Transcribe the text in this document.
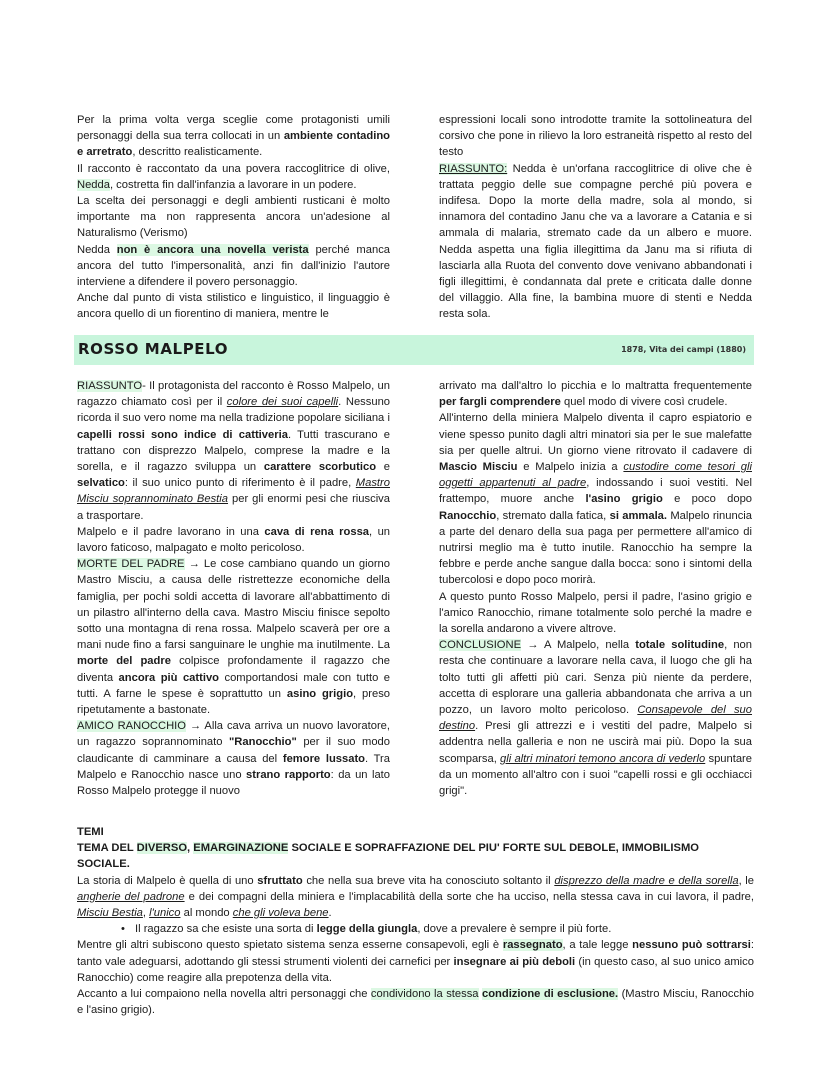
Per la prima volta verga sceglie come protagonisti umili personaggi della sua terra collocati in un ambiente contadino e arretrato, descritto realisticamente.

Il racconto è raccontato da una povera raccoglitrice di olive, Nedda, costretta fin dall'infanzia a lavorare in un podere.

La scelta dei personaggi e degli ambienti rusticani è molto importante ma non rappresenta ancora un'adesione al Naturalismo (Verismo)

Nedda non è ancora una novella verista perché manca ancora del tutto l'impersonalità, anzi fin dall'inizio l'autore interviene a difendere il povero personaggio.

Anche dal punto di vista stilistico e linguistico, il linguaggio è ancora quello di un fiorentino di maniera, mentre le

espressioni locali sono introdotte tramite la sottolineatura del corsivo che pone in rilievo la loro estraneità rispetto al resto del testo

RIASSUNTO: Nedda è un'orfana raccoglitrice di olive che è trattata peggio delle sue compagne perché più povera e indifesa. Dopo la morte della madre, sola al mondo, si innamora del contadino Janu che va a lavorare a Catania e si ammala di malaria, stremato cade da un albero e muore. Nedda aspetta una figlia illegittima da Janu ma si rifiuta di lasciarla alla Ruota del convento dove venivano abbandonati i figli illegittimi, è condannata dal prete e criticata dalle donne del villaggio. Alla fine, la bambina muore di stenti e Nedda resta sola.

ROSSO MALPELO	1878, Vita dei campi (1880)

RIASSUNTO- Il protagonista del racconto è Rosso Malpelo, un ragazzo chiamato così per il colore dei suoi capelli. Nessuno ricorda il suo vero nome ma nella tradizione popolare siciliana i capelli rossi sono indice di cattiveria. Tutti trascurano e trattano con disprezzo Malpelo, comprese la madre e la sorella, e il ragazzo sviluppa un carattere scorbutico e selvatico: il suo unico punto di riferimento è il padre, Mastro Misciu soprannominato Bestia per gli enormi pesi che riusciva a trasportare.

Malpelo e il padre lavorano in una cava di rena rossa, un lavoro faticoso, malpagato e molto pericoloso.

MORTE DEL PADRE → Le cose cambiano quando un giorno Mastro Misciu, a causa delle ristrettezze economiche della famiglia, per pochi soldi accetta di lavorare all'abbattimento di un pilastro all'interno della cava. Mastro Misciu finisce sepolto sotto una montagna di rena rossa. Malpelo scaverà per ore a mani nude fino a farsi sanguinare le unghie ma inutilmente. La morte del padre colpisce profondamente il ragazzo che diventa ancora più cattivo comportandosi male con tutto e tutti. A farne le spese è soprattutto un asino grigio, preso ripetutamente a bastonate.

AMICO RANOCCHIO → Alla cava arriva un nuovo lavoratore, un ragazzo soprannominato "Ranocchio" per il suo modo claudicante di camminare a causa del femore lussato. Tra Malpelo e Ranocchio nasce uno strano rapporto: da un lato Rosso Malpelo protegge il nuovo

arrivato ma dall'altro lo picchia e lo maltratta frequentemente per fargli comprendere quel modo di vivere così crudele.

All'interno della miniera Malpelo diventa il capro espiatorio e viene spesso punito dagli altri minatori sia per le sue malefatte sia per quelle altrui. Un giorno viene ritrovato il cadavere di Mascio Misciu e Malpelo inizia a custodire come tesori gli oggetti appartenuti al padre, indossando i suoi vestiti. Nel frattempo, muore anche l'asino grigio e poco dopo Ranocchio, stremato dalla fatica, si ammala. Malpelo rinuncia a parte del denaro della sua paga per permettere all'amico di nutrirsi meglio ma è tutto inutile. Ranocchio ha sempre la febbre e perde anche sangue dalla bocca: sono i sintomi della tubercolosi e dopo poco morirà.

A questo punto Rosso Malpelo, persi il padre, l'asino grigio e l'amico Ranocchio, rimane totalmente solo perché la madre e la sorella andarono a vivere altrove.

CONCLUSIONE → A Malpelo, nella totale solitudine, non resta che continuare a lavorare nella cava, il luogo che gli ha tolto tutti gli affetti più cari. Senza più niente da perdere, accetta di esplorare una galleria abbandonata che arriva a un pozzo, un lavoro molto pericoloso. Consapevole del suo destino. Presi gli attrezzi e i vestiti del padre, Malpelo si addentra nella galleria e non ne uscirà mai più. Dopo la sua scomparsa, gli altri minatori temono ancora di vederlo spuntare da un momento all'altro con i suoi "capelli rossi e gli occhiacci grigi".

TEMI

TEMA DEL DIVERSO, EMARGINAZIONE SOCIALE E SOPRAFFAZIONE DEL PIU' FORTE SUL DEBOLE, IMMOBILISMO SOCIALE.

La storia di Malpelo è quella di uno sfruttato che nella sua breve vita ha conosciuto soltanto il disprezzo della madre e della sorella, le angherie del padrone e dei compagni della miniera e l'implacabilità della sorte che ha ucciso, nella stessa cava in cui lavora, il padre, Misciu Bestia, l'unico al mondo che gli voleva bene.

• Il ragazzo sa che esiste una sorta di legge della giungla, dove a prevalere è sempre il più forte.

Mentre gli altri subiscono questo spietato sistema senza esserne consapevoli, egli è rassegnato, a tale legge nessuno può sottrarsi: tanto vale adeguarsi, adottando gli stessi strumenti violenti dei carnefici per insegnare ai più deboli (in questo caso, al suo unico amico Ranocchio) come reagire alla prepotenza della vita.

Accanto a lui compaiono nella novella altri personaggi che condividono la stessa condizione di esclusione. (Mastro Misciu, Ranocchio e l'asino grigio).
